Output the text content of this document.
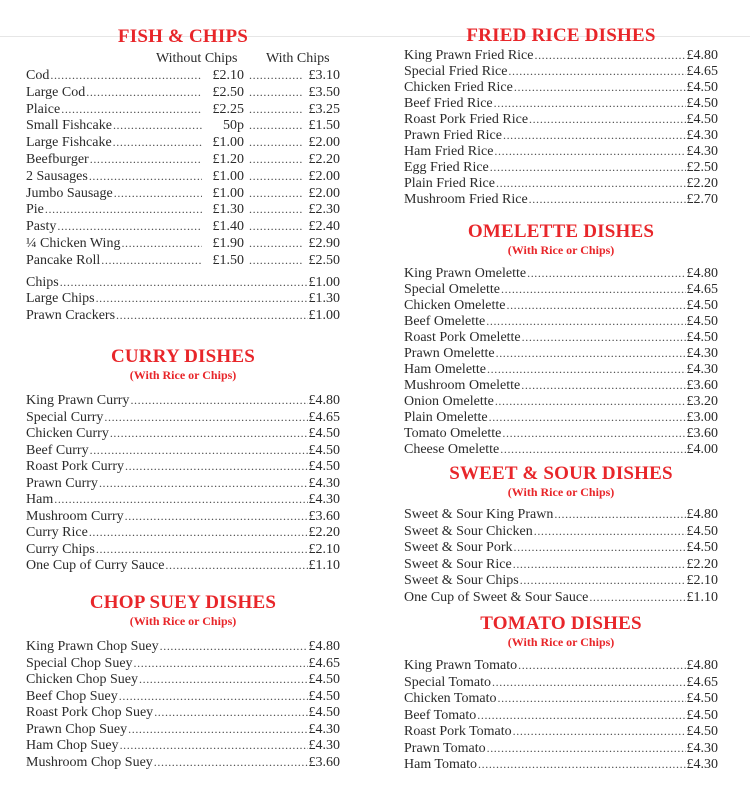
FISH & CHIPS
Without Chips With Chips
Cod .....	£2.10 .....	£3.10
Large Cod .....	£2.50 .....	£3.50
Plaice .....	£2.25 .....	£3.25
Small Fishcake .....	50p .....	£1.50
Large Fishcake .....	£1.00 .....	£2.00
Beefburger .....	£1.20 .....	£2.20
2 Sausages .....	£1.00 .....	£2.00
Jumbo Sausage .....	£1.00 .....	£2.00
Pie .....	£1.30 .....	£2.30
Pasty .....	£1.40 .....	£2.40
¼ Chicken Wing .....	£1.90 .....	£2.90
Pancake Roll .....	£1.50 .....	£2.50
Chips .....	£1.00
Large Chips .....	£1.30
Prawn Crackers .....	£1.00
CURRY DISHES
(With Rice or Chips)
King Prawn Curry .....	£4.80
Special Curry .....	£4.65
Chicken Curry .....	£4.50
Beef Curry .....	£4.50
Roast Pork Curry .....	£4.50
Prawn Curry .....	£4.30
Ham .....	£4.30
Mushroom Curry .....	£3.60
Curry Rice .....	£2.20
Curry Chips .....	£2.10
One Cup of Curry Sauce .....	£1.10
CHOP SUEY DISHES
(With Rice or Chips)
King Prawn Chop Suey .....	£4.80
Special Chop Suey .....	£4.65
Chicken Chop Suey .....	£4.50
Beef Chop Suey .....	£4.50
Roast Pork Chop Suey .....	£4.50
Prawn Chop Suey .....	£4.30
Ham Chop Suey .....	£4.30
Mushroom Chop Suey .....	£3.60
FRIED RICE DISHES
King Prawn Fried Rice .....	£4.80
Special Fried Rice .....	£4.65
Chicken Fried Rice .....	£4.50
Beef Fried Rice .....	£4.50
Roast Pork Fried Rice .....	£4.50
Prawn Fried Rice .....	£4.30
Ham Fried Rice .....	£4.30
Egg Fried Rice .....	£2.50
Plain Fried Rice .....	£2.20
Mushroom Fried Rice .....	£2.70
OMELETTE DISHES
(With Rice or Chips)
King Prawn Omelette .....	£4.80
Special Omelette .....	£4.65
Chicken Omelette .....	£4.50
Beef Omelette .....	£4.50
Roast Pork Omelette .....	£4.50
Prawn Omelette .....	£4.30
Ham Omelette .....	£4.30
Mushroom Omelette .....	£3.60
Onion Omelette .....	£3.20
Plain Omelette .....	£3.00
Tomato Omelette .....	£3.60
Cheese Omelette .....	£4.00
SWEET & SOUR DISHES
(With Rice or Chips)
Sweet & Sour King Prawn .....	£4.80
Sweet & Sour Chicken .....	£4.50
Sweet & Sour Pork .....	£4.50
Sweet & Sour Rice .....	£2.20
Sweet & Sour Chips .....	£2.10
One Cup of Sweet & Sour Sauce .....	£1.10
TOMATO DISHES
(With Rice or Chips)
King Prawn Tomato .....	£4.80
Special Tomato .....	£4.65
Chicken Tomato .....	£4.50
Beef Tomato .....	£4.50
Roast Pork Tomato .....	£4.50
Prawn Tomato .....	£4.30
Ham Tomato .....	£4.30
